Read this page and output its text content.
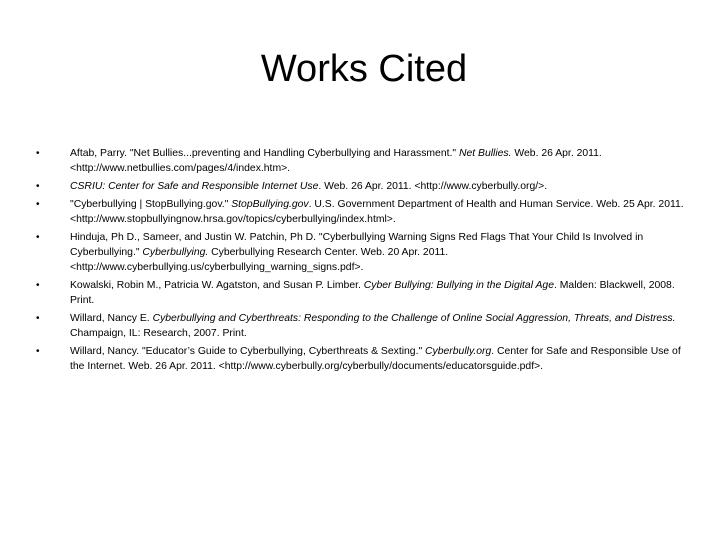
Works Cited
•	Aftab, Parry. "Net Bullies...preventing and Handling Cyberbullying and Harassment." Net Bullies. Web. 26 Apr. 2011. <http://www.netbullies.com/pages/4/index.htm>.
•	CSRIU: Center for Safe and Responsible Internet Use. Web. 26 Apr. 2011. <http://www.cyberbully.org/>.
•	"Cyberbullying | StopBullying.gov." StopBullying.gov. U.S. Government Department of Health and Human Service. Web. 25 Apr. 2011. <http://www.stopbullyingnow.hrsa.gov/topics/cyberbullying/index.html>.
•	Hinduja, Ph D., Sameer, and Justin W. Patchin, Ph D. "Cyberbullying Warning Signs Red Flags That Your Child Is Involved in Cyberbullying." Cyberbullying. Cyberbullying Research Center. Web. 20 Apr. 2011. <http://www.cyberbullying.us/cyberbullying_warning_signs.pdf>.
•	Kowalski, Robin M., Patricia W. Agatston, and Susan P. Limber. Cyber Bullying: Bullying in the Digital Age. Malden: Blackwell, 2008. Print.
•	Willard, Nancy E. Cyberbullying and Cyberthreats: Responding to the Challenge of Online Social Aggression, Threats, and Distress. Champaign, IL: Research, 2007. Print.
•	Willard, Nancy. "Educator’s Guide to Cyberbullying, Cyberthreats & Sexting." Cyberbully.org. Center for Safe and Responsible Use of the Internet. Web. 26 Apr. 2011. <http://www.cyberbully.org/cyberbully/documents/educatorsguide.pdf>.
